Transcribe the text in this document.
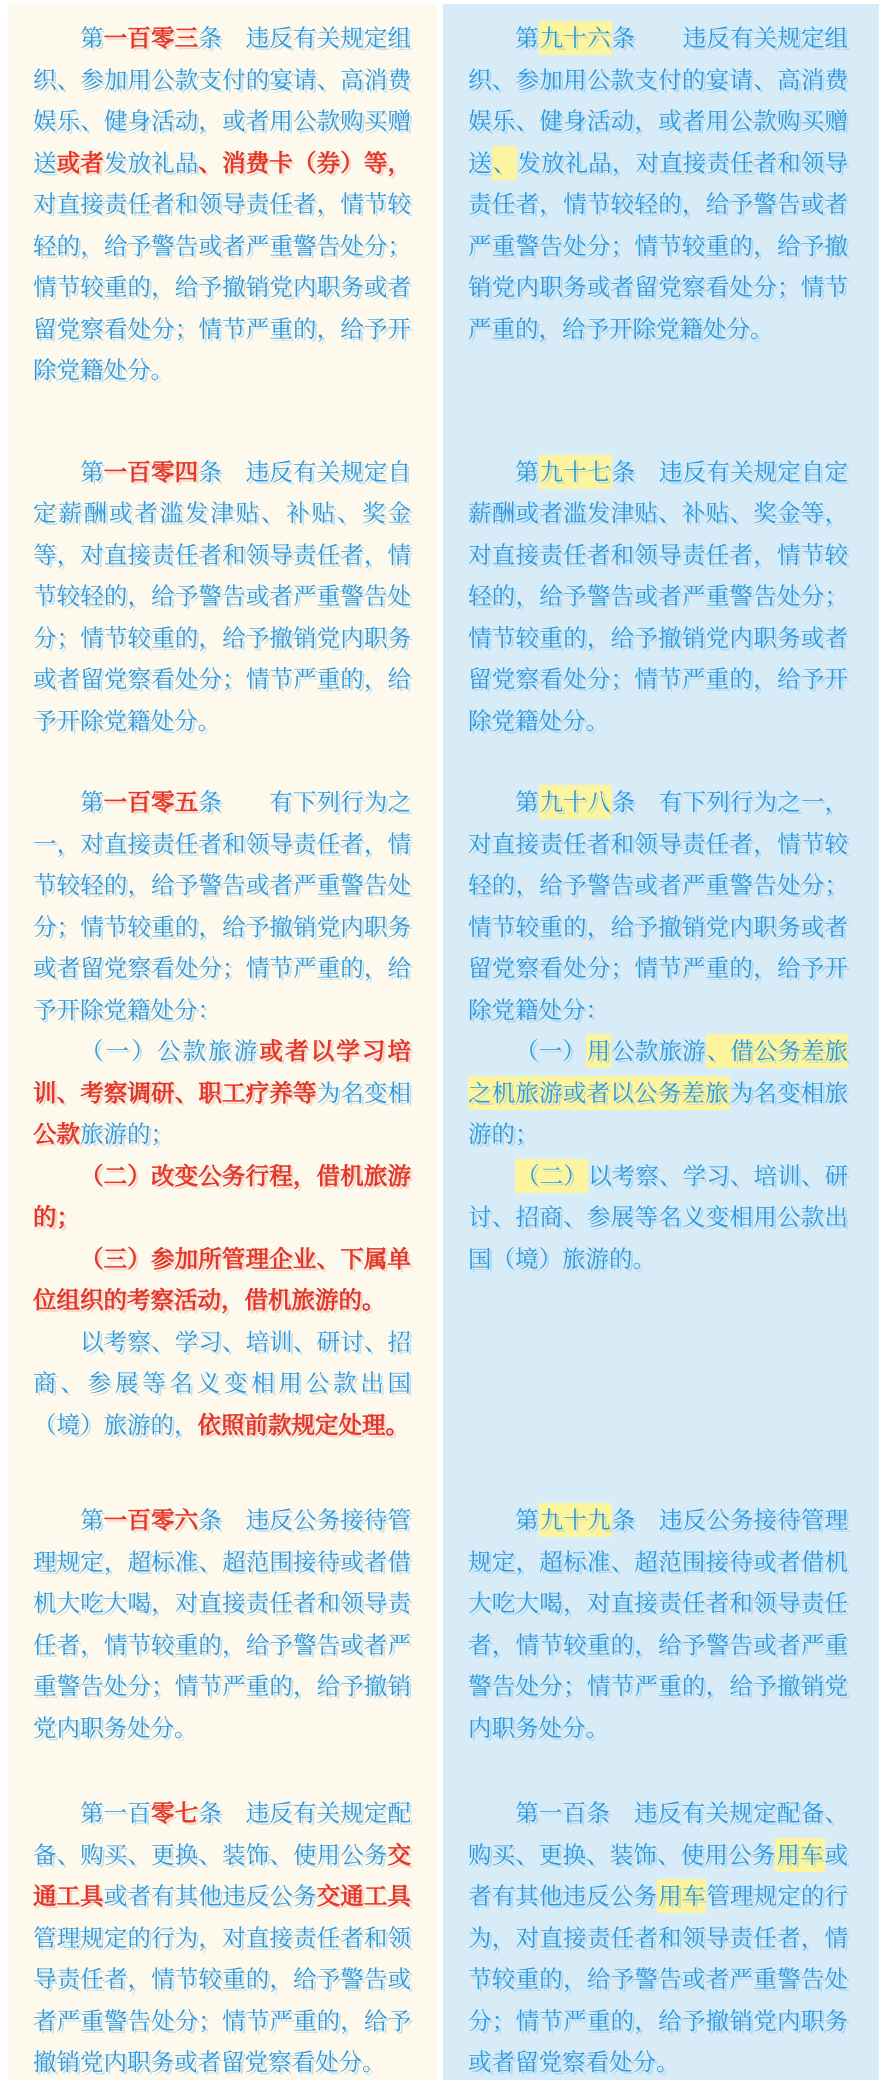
第一百零三条　违反有关规定组织、参加用公款支付的宴请、高消费娱乐、健身活动，或者用公款购买赠送或者发放礼品、消费卡（券）等，对直接责任者和领导责任者，情节较轻的，给予警告或者严重警告处分；情节较重的，给予撤销党内职务或者留党察看处分；情节严重的，给予开除党籍处分。

第九十六条　　违反有关规定组织、参加用公款支付的宴请、高消费娱乐、健身活动，或者用公款购买赠送、发放礼品，对直接责任者和领导责任者，情节较轻的，给予警告或者严重警告处分；情节较重的，给予撤销党内职务或者留党察看处分；情节严重的，给予开除党籍处分。

第一百零四条　违反有关规定自定薪酬或者滥发津贴、补贴、奖金等，对直接责任者和领导责任者，情节较轻的，给予警告或者严重警告处分；情节较重的，给予撤销党内职务或者留党察看处分；情节严重的，给予开除党籍处分。

第九十七条　违反有关规定自定薪酬或者滥发津贴、补贴、奖金等，对直接责任者和领导责任者，情节较轻的，给予警告或者严重警告处分；情节较重的，给予撤销党内职务或者留党察看处分；情节严重的，给予开除党籍处分。

第一百零五条　　有下列行为之一，对直接责任者和领导责任者，情节较轻的，给予警告或者严重警告处分；情节较重的，给予撤销党内职务或者留党察看处分；情节严重的，给予开除党籍处分：

（一）公款旅游或者以学习培训、考察调研、职工疗养等为名变相公款旅游的；

（二）改变公务行程，借机旅游的；

（三）参加所管理企业、下属单位组织的考察活动，借机旅游的。

以考察、学习、培训、研讨、招商、参展等名义变相用公款出国（境）旅游的，依照前款规定处理。

第九十八条　有下列行为之一，对直接责任者和领导责任者，情节较轻的，给予警告或者严重警告处分；情节较重的，给予撤销党内职务或者留党察看处分；情节严重的，给予开除党籍处分：

（一）用公款旅游、借公务差旅之机旅游或者以公务差旅为名变相旅游的；

（二）以考察、学习、培训、研讨、招商、参展等名义变相用公款出国（境）旅游的。

第一百零六条　违反公务接待管理规定，超标准、超范围接待或者借机大吃大喝，对直接责任者和领导责任者，情节较重的，给予警告或者严重警告处分；情节严重的，给予撤销党内职务处分。

第九十九条　违反公务接待管理规定，超标准、超范围接待或者借机大吃大喝，对直接责任者和领导责任者，情节较重的，给予警告或者严重警告处分；情节严重的，给予撤销党内职务处分。

第一百零七条　违反有关规定配备、购买、更换、装饰、使用公务交通工具或者有其他违反公务交通工具管理规定的行为，对直接责任者和领导责任者，情节较重的，给予警告或者严重警告处分；情节严重的，给予撤销党内职务或者留党察看处分。

第一百条　违反有关规定配备、购买、更换、装饰、使用公务用车或者有其他违反公务用车管理规定的行为，对直接责任者和领导责任者，情节较重的，给予警告或者严重警告处分；情节严重的，给予撤销党内职务或者留党察看处分。
